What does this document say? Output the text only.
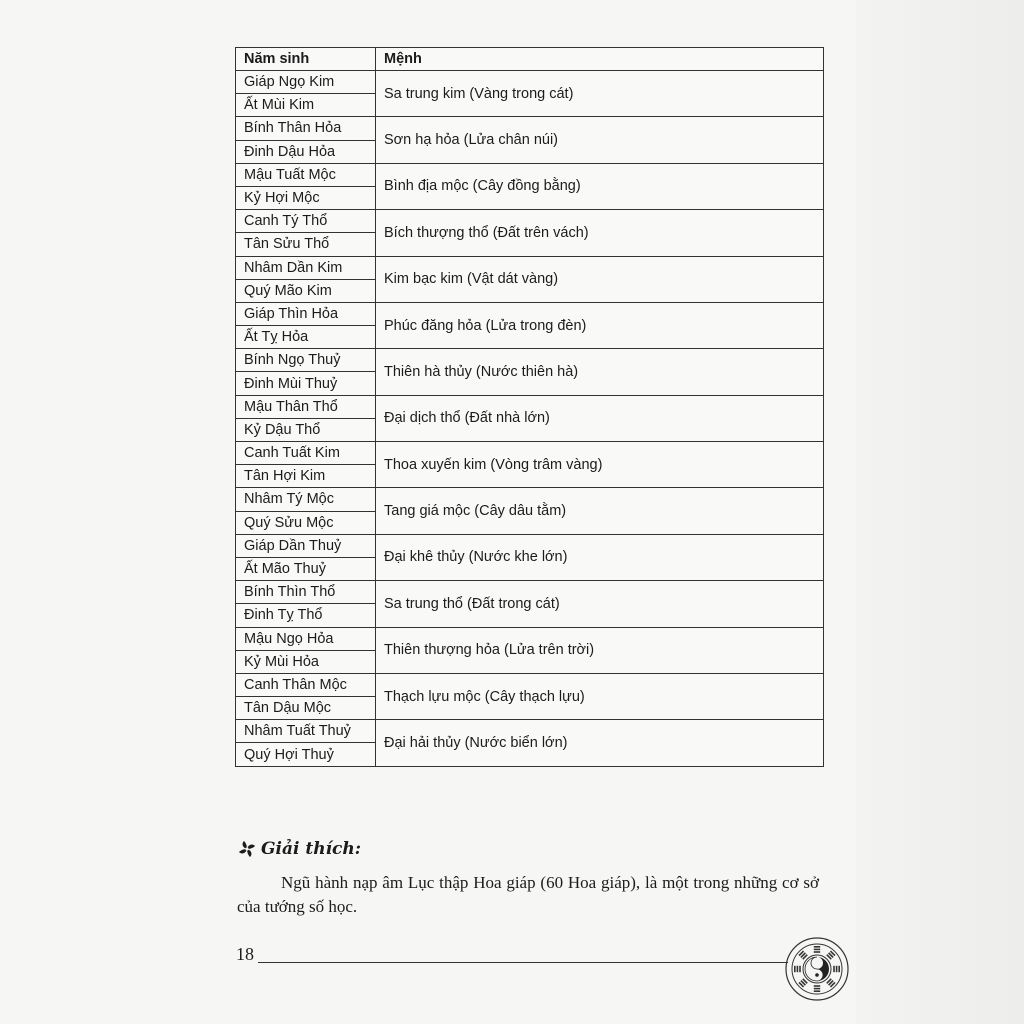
Năm sinh	Mệnh
Giáp Ngọ Kim	Sa trung kim (Vàng trong cát)
Ất Mùi Kim	
Bính Thân Hỏa	Sơn hạ hỏa (Lửa chân núi)
Đinh Dậu Hỏa	
Mậu Tuất Mộc	Bình địa mộc (Cây đồng bằng)
Kỷ Hợi Mộc	
Canh Tý Thổ	Bích thượng thổ (Đất trên vách)
Tân Sửu Thổ	
Nhâm Dần Kim	Kim bạc kim (Vật dát vàng)
Quý Mão Kim	
Giáp Thìn Hỏa	Phúc đăng hỏa (Lửa trong đèn)
Ất Tỵ Hỏa	
Bính Ngọ Thuỷ	Thiên hà thủy (Nước thiên hà)
Đinh Mùi Thuỷ	
Mậu Thân Thổ	Đại dịch thổ (Đất nhà lớn)
Kỷ Dậu Thổ	
Canh Tuất Kim	Thoa xuyến kim (Vòng trâm vàng)
Tân Hợi Kim	
Nhâm Tý Mộc	Tang giá mộc (Cây dâu tằm)
Quý Sửu Mộc	
Giáp Dần Thuỷ	Đại khê thủy (Nước khe lớn)
Ất Mão Thuỷ	
Bính Thìn Thổ	Sa trung thổ (Đất trong cát)
Đinh Tỵ Thổ	
Mậu Ngọ Hỏa	Thiên thượng hỏa (Lửa trên trời)
Kỷ Mùi Hỏa	
Canh Thân Mộc	Thạch lựu mộc (Cây thạch lựu)
Tân Dậu Mộc	
Nhâm Tuất Thuỷ	Đại hải thủy (Nước biển lớn)
Quý Hợi Thuỷ	
Giải thích:

Ngũ hành nạp âm Lục thập Hoa giáp (60 Hoa giáp), là một trong những cơ sở của tướng số học.

18
